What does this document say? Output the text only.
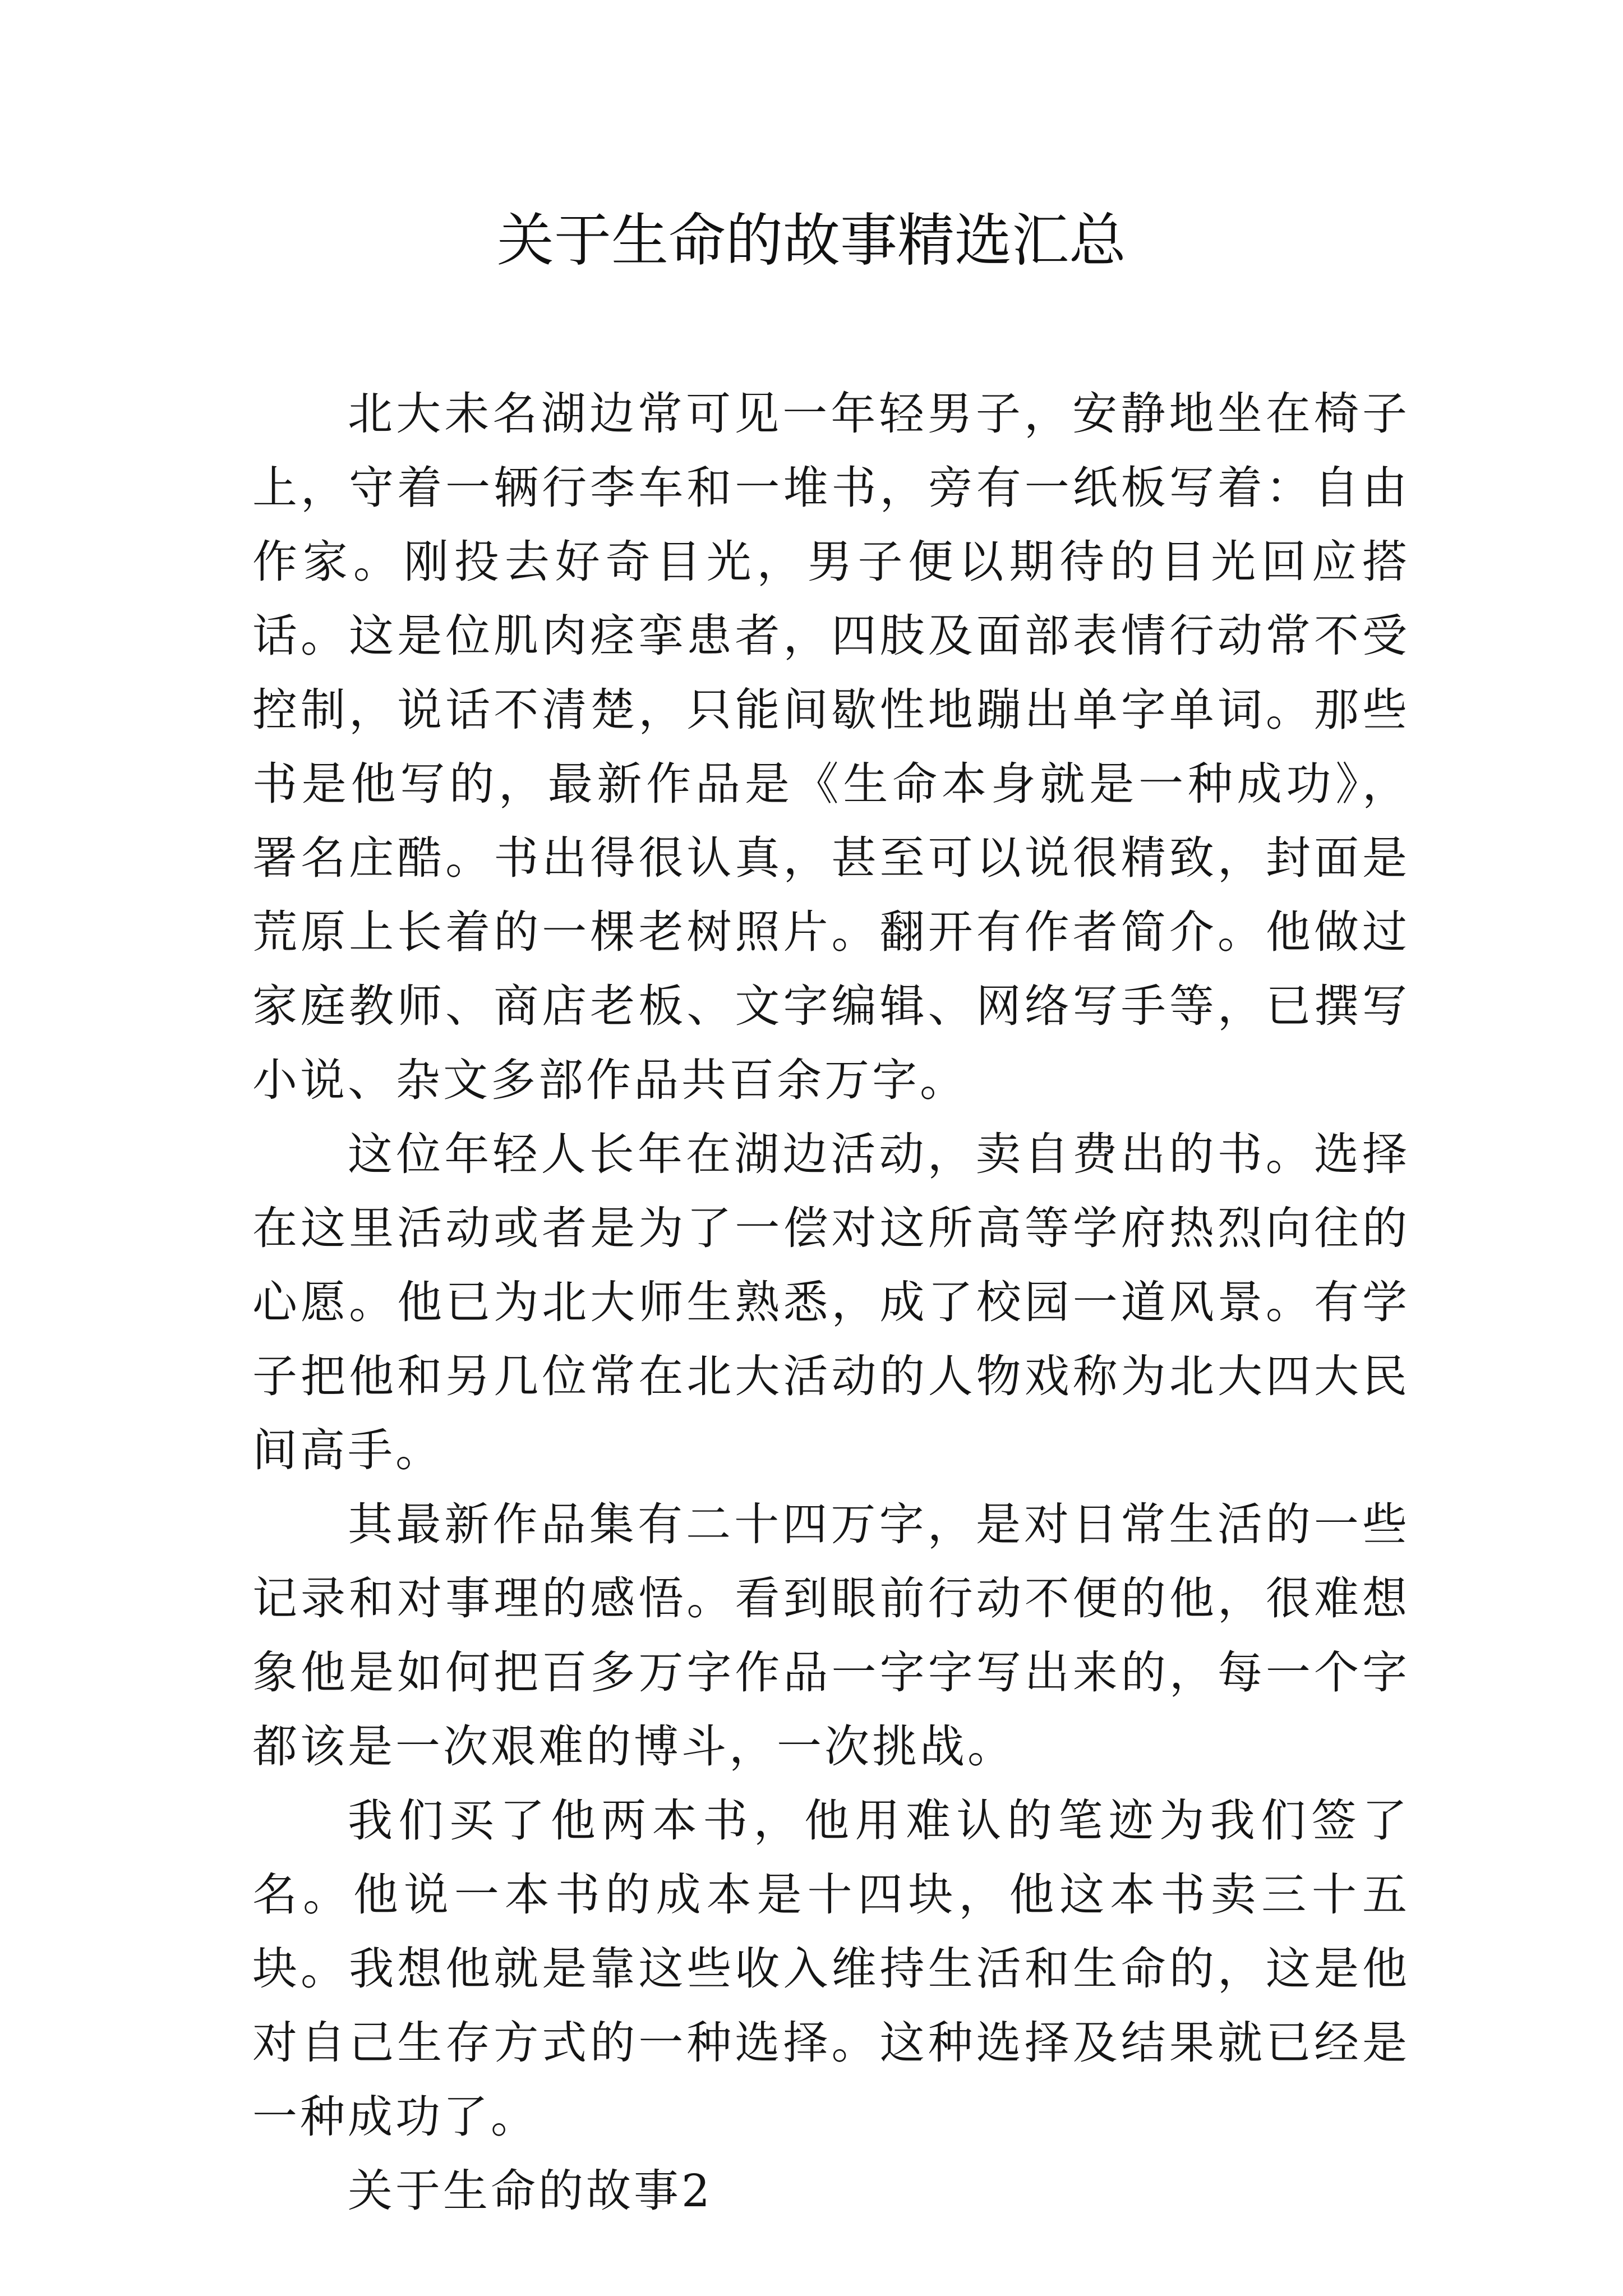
关于生命的故事精选汇总

北大未名湖边常可见一年轻男子，安静地坐在椅子上，守着一辆行李车和一堆书，旁有一纸板写着：自由作家。刚投去好奇目光，男子便以期待的目光回应搭话。这是位肌肉痉挛患者，四肢及面部表情行动常不受控制，说话不清楚，只能间歇性地蹦出单字单词。那些书是他写的，最新作品是《生命本身就是一种成功》，署名庄酷。书出得很认真，甚至可以说很精致，封面是荒原上长着的一棵老树照片。翻开有作者简介。他做过家庭教师、商店老板、文字编辑、网络写手等，已撰写小说、杂文多部作品共百余万字。

这位年轻人长年在湖边活动，卖自费出的书。选择在这里活动或者是为了一偿对这所高等学府热烈向往的心愿。他已为北大师生熟悉，成了校园一道风景。有学子把他和另几位常在北大活动的人物戏称为北大四大民间高手。

其最新作品集有二十四万字，是对日常生活的一些记录和对事理的感悟。看到眼前行动不便的他，很难想象他是如何把百多万字作品一字字写出来的，每一个字都该是一次艰难的博斗，一次挑战。

我们买了他两本书，他用难认的笔迹为我们签了名。他说一本书的成本是十四块，他这本书卖三十五块。我想他就是靠这些收入维持生活和生命的，这是他对自己生存方式的一种选择。这种选择及结果就已经是一种成功了。

关于生命的故事2
